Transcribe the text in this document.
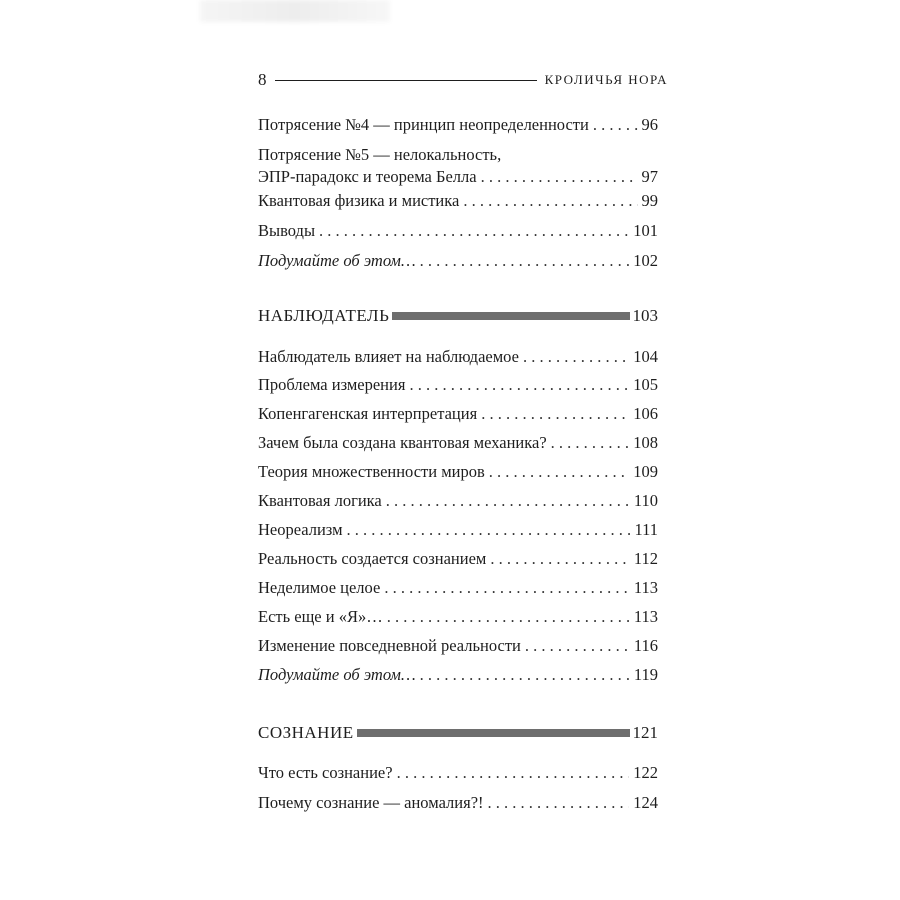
8	КРОЛИЧЬЯ НОРА
Потрясение №4 — принцип неопределенности . . .	96
Потрясение №5 — нелокальность,
ЭПР-парадокс и теорема Белла . . .	97
Квантовая физика и мистика . . .	99
Выводы . . .	101
Подумайте об этом… . . .	102
НАБЛЮДАТЕЛЬ	103
Наблюдатель влияет на наблюдаемое . . .	104
Проблема измерения . . .	105
Копенгагенская интерпретация . . .	106
Зачем была создана квантовая механика? . . .	108
Теория множественности миров . . .	109
Квантовая логика . . .	110
Неореализм . . .	111
Реальность создается сознанием . . .	112
Неделимое целое . . .	113
Есть еще и «Я»… . . .	113
Изменение повседневной реальности . . .	116
Подумайте об этом… . . .	119
СОЗНАНИЕ	121
Что есть сознание? . . .	122
Почему сознание — аномалия?! . . .	124
